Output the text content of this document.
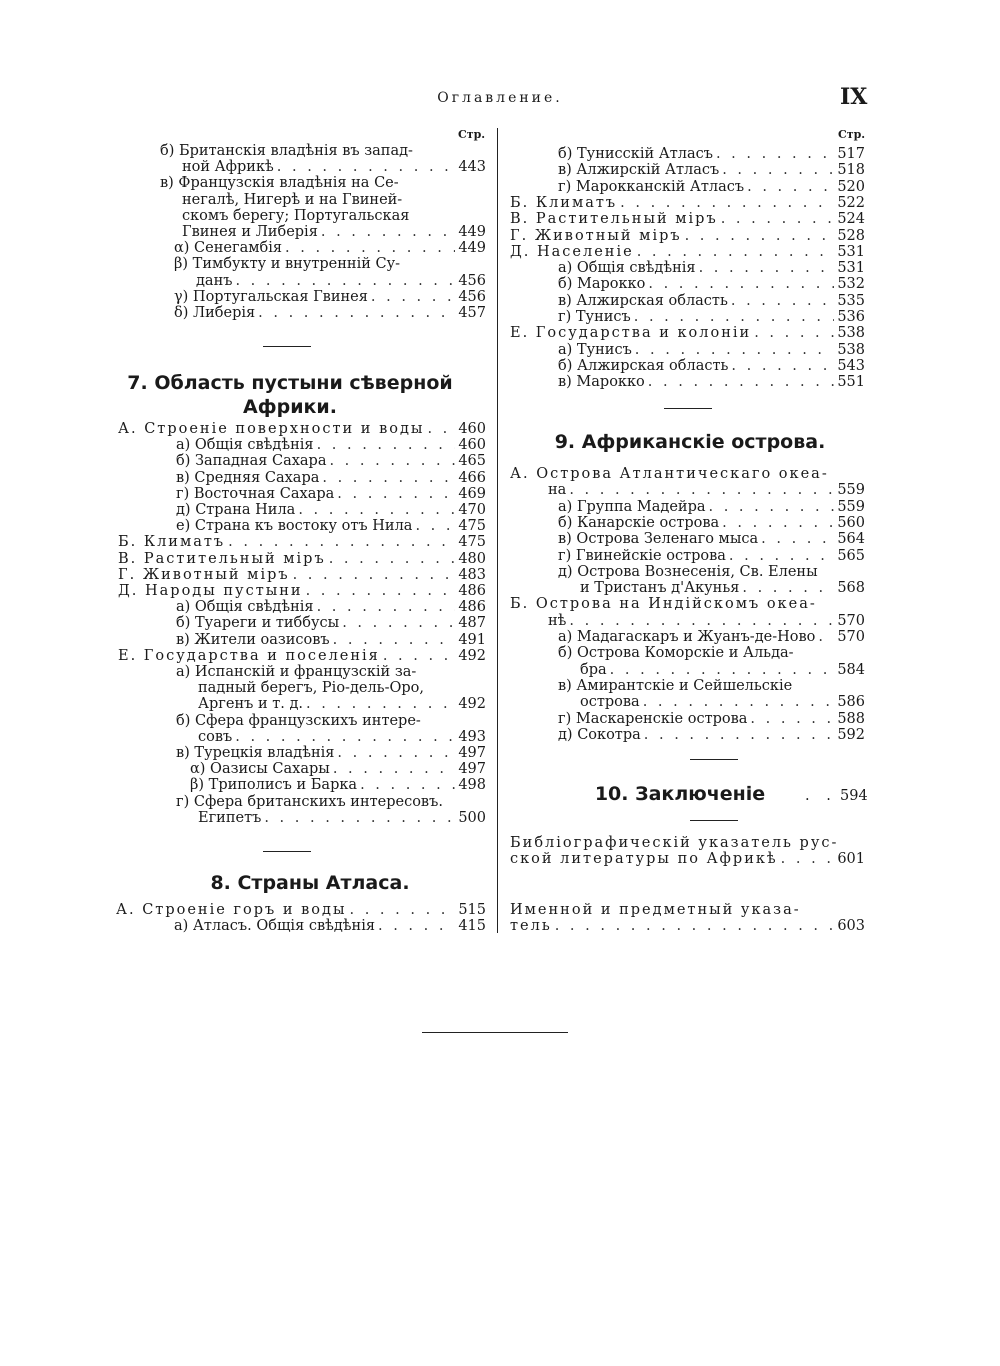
Оглавление.	IX
Стр.
б) Британскія владѣнія въ запад-
ной Африкѣ . . .	443
в) Французскія владѣнія на Се-
негалѣ, Нигерѣ и на Гвиней-
скомъ берегу; Португальская
Гвинея и Либерія . . .	449
α) Сенегамбія . . .	449
β) Тимбукту и внутренній Су-
данъ . . .	456
γ) Португальская Гвинея . . .	456
δ) Либерія . . .	457
7. Область пустыни сѣверной
Африки.
А. Строеніе поверхности и воды . . . 460
а) Общія свѣдѣнія . . .	460
б) Западная Сахара . . .	465
в) Средняя Сахара . . .	466
г) Восточная Сахара . . .	469
д) Страна Нила . . .	470
е) Страна къ востоку отъ Нила . . .	475
Б. Климатъ . . .	475
В. Растительный міръ . . .	480
Г. Животный міръ . . .	483
Д. Народы пустыни . . .	486
а) Общія свѣдѣнія . . .	486
б) Туареги и тиббусы . . .	487
в) Жители оазисовъ . . .	491
Е. Государства и поселенія . . .	492
а) Испанскій и французскій за-
падный берегъ, Ріо-дель-Оро,
Аргенъ и т. д. . . .	492
б) Сфера французскихъ интере-
совъ . . .	493
в) Турецкія владѣнія . . .	497
α) Оазисы Сахары . . .	497
β) Триполисъ и Барка . . .	498
г) Сфера британскихъ интересовъ.
Египетъ . . .	500
8. Страны Атласа.
А. Строеніе горъ и воды . . .	515
а) Атласъ. Общія свѣдѣнія . . .	415
Стр.
б) Тунисскій Атласъ . . .	517
в) Алжирскій Атласъ . . .	518
г) Марокканскій Атласъ . . .	520
Б. Климатъ . . .	522
В. Растительный міръ . . .	524
Г. Животный міръ . . .	528
Д. Населеніе . . .	531
а) Общія свѣдѣнія . . .	531
б) Марокко . . .	532
в) Алжирская область . . .	535
г) Тунисъ . . .	536
Е. Государства и колоніи . . .	538
а) Тунисъ . . .	538
б) Алжирская область . . .	543
в) Марокко . . .	551
9. Африканскіе острова.
А. Острова Атлантическаго океа-
на . . .	559
а) Группа Мадейра . . .	559
б) Канарскіе острова . . .	560
в) Острова Зеленаго мыса . . .	564
г) Гвинейскіе острова . . .	565
д) Острова Вознесенія, Св. Елены
и Тристанъ д'Акунья . . .	568
Б. Острова на Индійскомъ океа-
нѣ . . .	570
а) Мадагаскаръ и Жуанъ-де-Ново . . . 570
б) Острова Коморскіе и Альда-
бра . . .	584
в) Амирантскіе и Сейшельскіе
острова . . .	586
г) Маскаренскіе острова . . .	588
д) Сокотра . . .	592
10. Заключеніе	594
. .
Библіографическій указатель рус-
ской литературы по Африкѣ . . .	601
Именной и предметный указа-
тель . . .	603
